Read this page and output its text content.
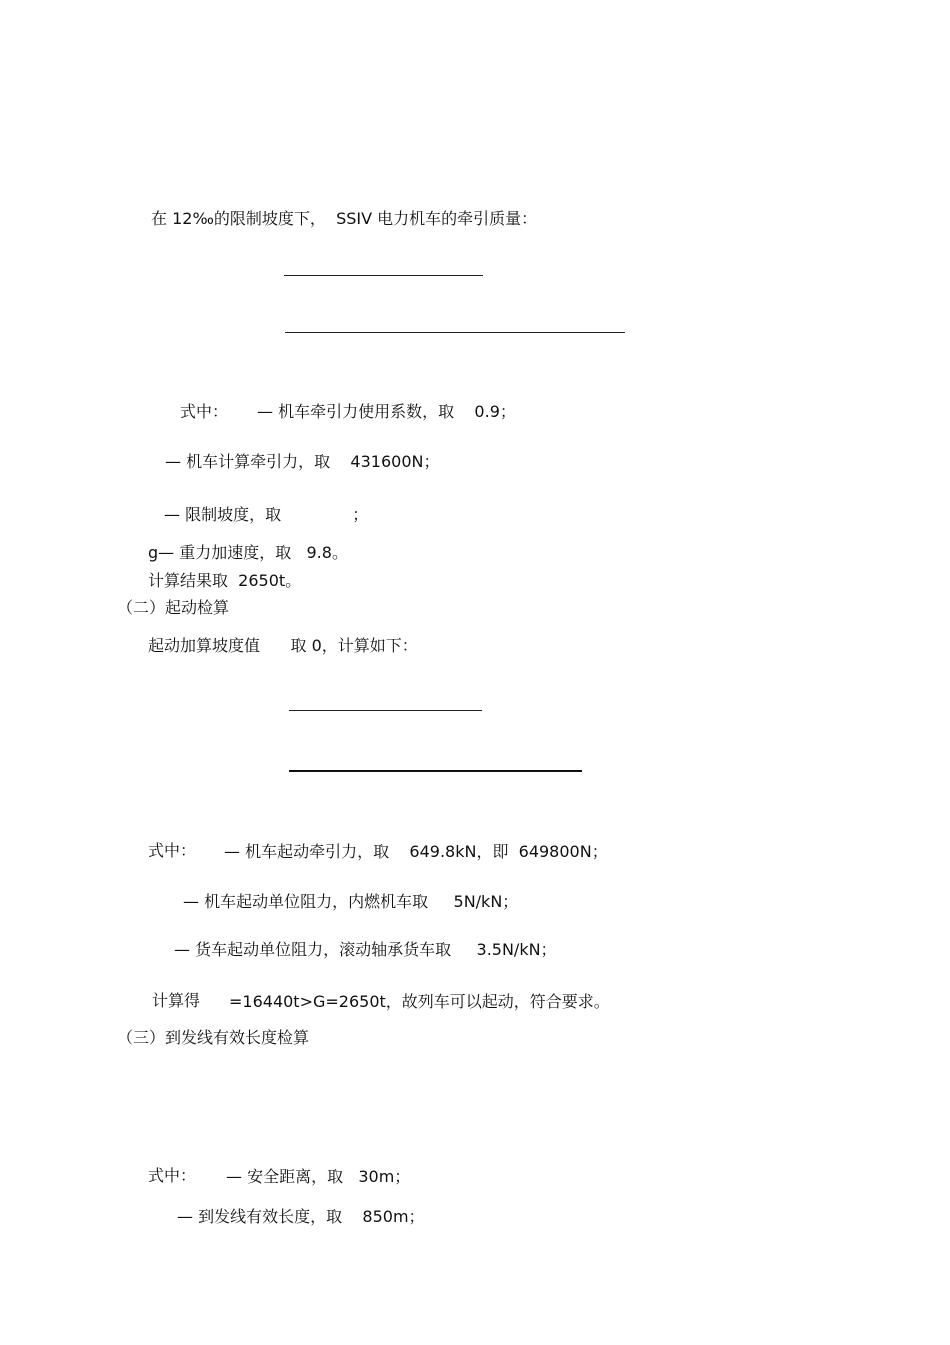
在 12‰的限制坡度下，  SSIV 电力机车的牵引质量：
式中： — 机车牵引力使用系数，取    0.9；
— 机车计算牵引力，取    431600N；
— 限制坡度，取              ；
g— 重力加速度，取   9.8。
计算结果取  2650t。
（二）起动检算
起动加算坡度值      取 0，计算如下：
式中： — 机车起动牵引力，取    649.8kN，即  649800N；
— 机车起动单位阻力，内燃机车取     5N/kN；
— 货车起动单位阻力，滚动轴承货车取     3.5N/kN；
计算得 =16440t>G=2650t，故列车可以起动，符合要求。
（三）到发线有效长度检算
式中： — 安全距离，取   30m；
— 到发线有效长度，取    850m；
